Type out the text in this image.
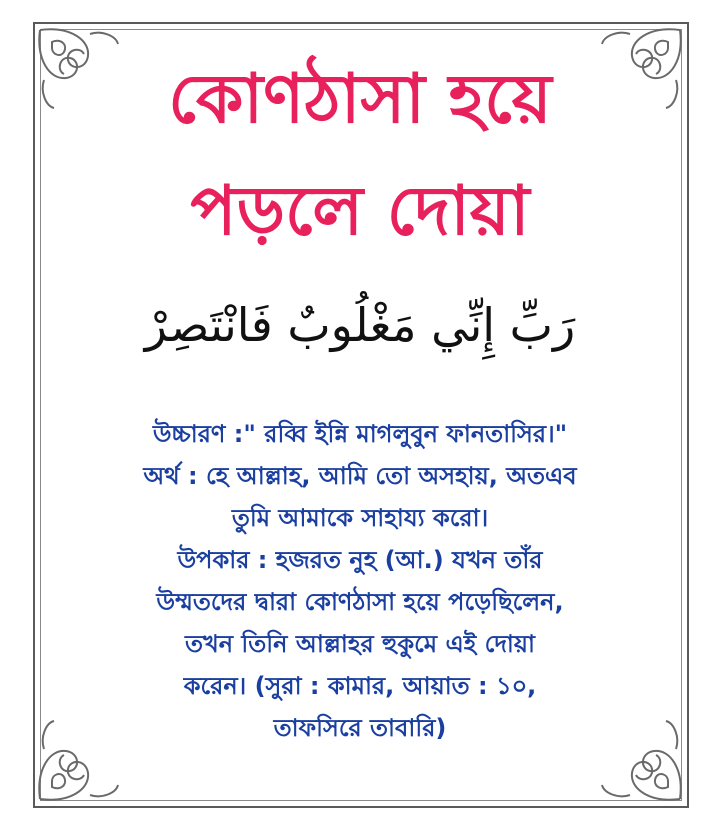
কোণঠাসা হয়ে
পড়লে দোয়া
رَبِّ إِنِّي مَغْلُوبٌ فَانْتَصِرْ
উচ্চারণ :" রব্বি ইন্নি মাগলুবুন ফানতাসির।"
অর্থ : হে আল্লাহ, আমি তো অসহায়, অতএব
তুমি আমাকে সাহায্য করো।
উপকার : হজরত নুহ (আ.) যখন তাঁর
উম্মতদের দ্বারা কোণঠাসা হয়ে পড়েছিলেন,
তখন তিনি আল্লাহর হুকুমে এই দোয়া
করেন। (সুরা : কামার, আয়াত : ১০,
তাফসিরে তাবারি)
